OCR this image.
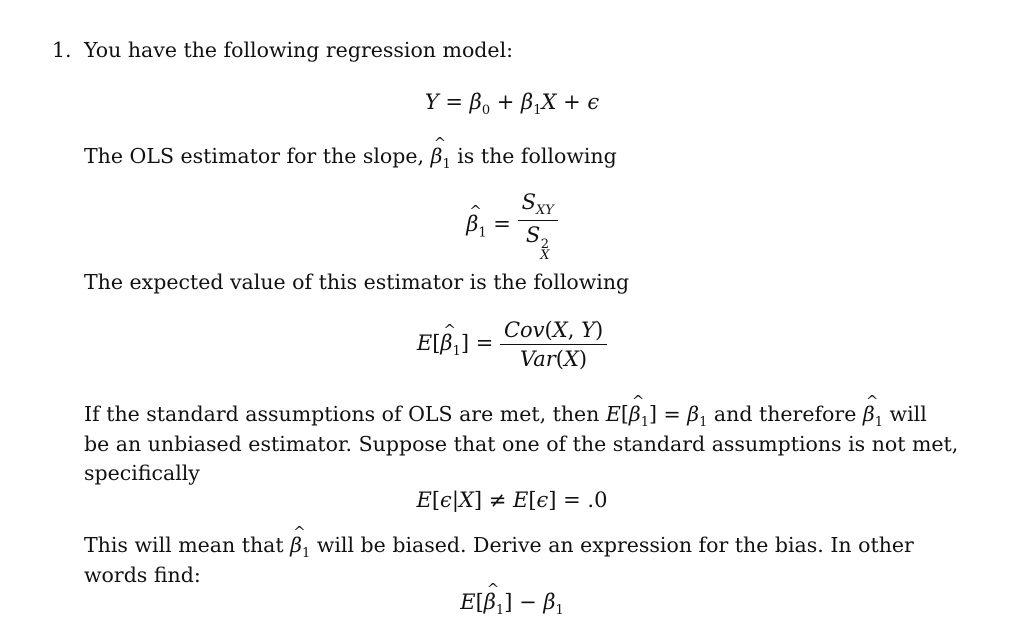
1. You have the following regression model:
$Y = \beta_0 + \beta_1X + \epsilon$
The OLS estimator for the slope, ^ $\beta_1$ is the following
^ $\beta_1 = S_{XY}$
S 2
X
The expected value of this estimator is the following
E[^ $\beta_1] = \frac{\text{Cov(X, Y)}}{\text{Var(X)}}$
If the standard assumptions of OLS are met, then E[^ $\beta_1] = \beta_1$ and therefore ^ $\beta_1$ will
be an unbiased estimator. Suppose that one of the standard assumptions is not met,
specifically
E[ϵ|X] ≠ E[ϵ] = .0
This will mean that ^ $\beta_1$ will be biased. Derive an expression for the bias. In other
words find:
E[^ $\beta_1] - \beta_1$
